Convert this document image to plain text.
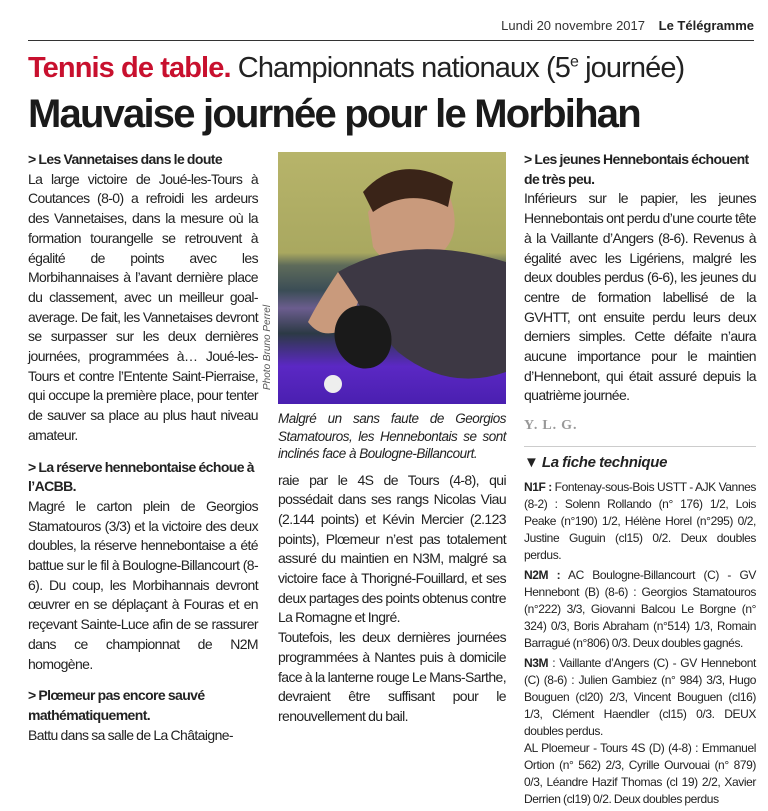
Lundi 20 novembre 2017 Le Télégramme
Tennis de table. Championnats nationaux (5e journée)
Mauvaise journée pour le Morbihan

> Les Vannetaises dans le doute

La large victoire de Joué-les-Tours à Coutances (8-0) a refroidi les ardeurs des Vannetaises, dans la mesure où la formation tourangelle se retrouvent à égalité de points avec les Morbihannaises à l’avant dernière place du classement, avec un meilleur goal-average. De fait, les Vannetaises devront se surpasser sur les deux dernières journées, programmées à… Joué-les-Tours et contre l’Entente Saint-Pierraise, qui occupe la première place, pour tenter de sauver sa place au plus haut niveau amateur.

> La réserve hennebontaise échoue à l’ACBB.

Magré le carton plein de Georgios Stamatouros (3/3) et la victoire des deux doubles, la réserve hennebontaise a été battue sur le fil à Boulogne-Billancourt (8-6). Du coup, les Morbihannais devront œuvrer en se déplaçant à Fouras et en reçevant Sainte-Luce afin de se rassurer dans ce championnat de N2M homogène.

> Plœmeur pas encore sauvé mathématiquement.

Battu dans sa salle de La Châtaigne-

Photo Bruno Perrel
Malgré un sans faute de Georgios Stamatouros, les Hennebontais se sont inclinés face à Boulogne-Billancourt.

raie par le 4S de Tours (4-8), qui possédait dans ses rangs Nicolas Viau (2.144 points) et Kévin Mercier (2.123 points), Plœmeur n’est pas totalement assuré du maintien en N3M, malgré sa victoire face à Thorigné-Fouillard, et ses deux partages des points obtenus contre La Romagne et Ingré.

Toutefois, les deux dernières journées programmées à Nantes puis à domicile face à la lanterne rouge Le Mans-Sarthe, devraient être suffisant pour le renouvellement du bail.

> Les jeunes Hennebontais échouent de très peu.

Inférieurs sur le papier, les jeunes Hennebontais ont perdu d’une courte tête à la Vaillante d’Angers (8-6). Revenus à égalité avec les Ligériens, malgré les deux doubles perdus (6-6), les jeunes du centre de formation labellisé de la GVHTT, ont ensuite perdu leurs deux derniers simples. Cette défaite n’aura aucune importance pour le maintien d’Hennebont, qui était assuré depuis la quatrième journée.

Y. L. G.

▼ La fiche technique

N1F : Fontenay-sous-Bois USTT - AJK Vannes (8-2) : Solenn Rollando (n° 176) 1/2, Lois Peake (n°190) 1/2, Hélène Horel (n°295) 0/2, Justine Guguin (cl15) 0/2. Deux doubles perdus.

N2M : AC Boulogne-Billancourt (C) - GV Hennebont (B) (8-6) : Georgios Stamatouros (n°222) 3/3, Giovanni Balcou Le Borgne (n° 324) 0/3, Boris Abraham (n°514) 1/3, Romain Barragué (n°806) 0/3. Deux doubles gagnés.

N3M : Vaillante d’Angers (C) - GV Hennebont (C) (8-6) : Julien Gambiez (n° 984) 3/3, Hugo Bouguen (cl20) 2/3, Vincent Bouguen (cl16) 1/3, Clément Haendler (cl15) 0/3. DEUX doubles perdus.

AL Ploemeur - Tours 4S (D) (4-8) : Emmanuel Ortion (n° 562) 2/3, Cyrille Ourvouai (n° 879) 0/3, Léandre Hazif Thomas (cl 19) 2/2, Xavier Derrien (cl19) 0/2. Deux doubles perdus
